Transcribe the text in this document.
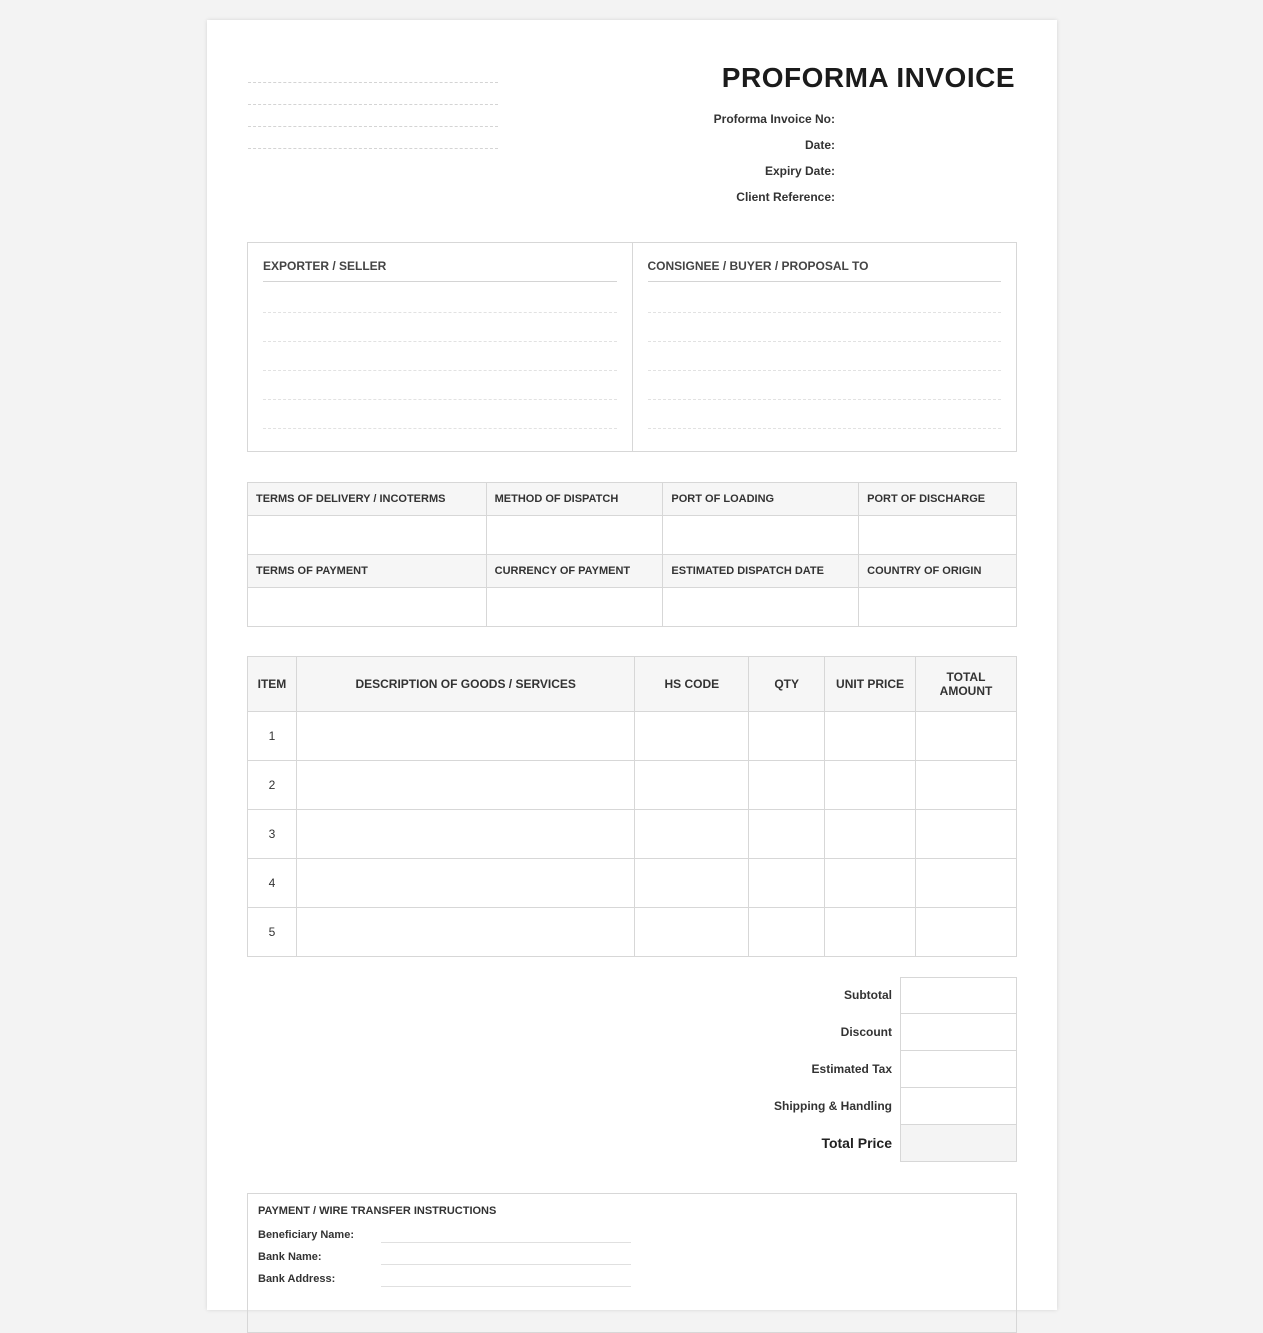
PROFORMA INVOICE
Proforma Invoice No:
Date:
Expiry Date:
Client Reference:
EXPORTER / SELLER	CONSIGNEE / BUYER / PROPOSAL TO
TERMS OF DELIVERY / INCOTERMS	METHOD OF DISPATCH	PORT OF LOADING	PORT OF DISCHARGE

TERMS OF PAYMENT	CURRENCY OF PAYMENT	ESTIMATED DISPATCH DATE	COUNTRY OF ORIGIN

ITEM	DESCRIPTION OF GOODS / SERVICES	HS CODE	QTY	UNIT PRICE	TOTAL AMOUNT
1					
2					
3					
4					
5					
Subtotal
Discount
Estimated Tax
Shipping & Handling
Total Price
PAYMENT / WIRE TRANSFER INSTRUCTIONS
Beneficiary Name:
Bank Name:
Bank Address:
